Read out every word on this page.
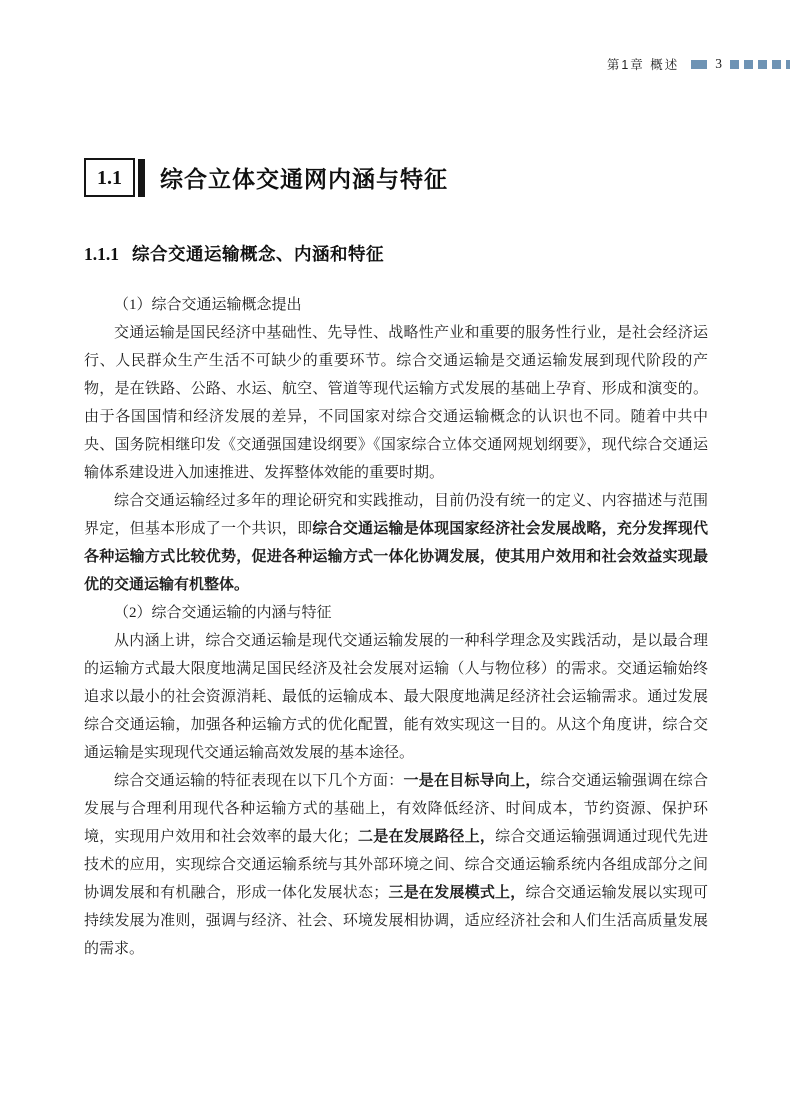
第1章 概述	3
1.1	综合立体交通网内涵与特征
1.1.1 综合交通运输概念、内涵和特征

（1）综合交通运输概念提出

交通运输是国民经济中基础性、先导性、战略性产业和重要的服务性行业，是社会经济运行、人民群众生产生活不可缺少的重要环节。综合交通运输是交通运输发展到现代阶段的产物，是在铁路、公路、水运、航空、管道等现代运输方式发展的基础上孕育、形成和演变的。由于各国国情和经济发展的差异，不同国家对综合交通运输概念的认识也不同。随着中共中央、国务院相继印发《交通强国建设纲要》《国家综合立体交通网规划纲要》，现代综合交通运输体系建设进入加速推进、发挥整体效能的重要时期。

综合交通运输经过多年的理论研究和实践推动，目前仍没有统一的定义、内容描述与范围界定，但基本形成了一个共识，即综合交通运输是体现国家经济社会发展战略，充分发挥现代各种运输方式比较优势，促进各种运输方式一体化协调发展，使其用户效用和社会效益实现最优的交通运输有机整体。

（2）综合交通运输的内涵与特征

从内涵上讲，综合交通运输是现代交通运输发展的一种科学理念及实践活动，是以最合理的运输方式最大限度地满足国民经济及社会发展对运输（人与物位移）的需求。交通运输始终追求以最小的社会资源消耗、最低的运输成本、最大限度地满足经济社会运输需求。通过发展综合交通运输，加强各种运输方式的优化配置，能有效实现这一目的。从这个角度讲，综合交通运输是实现现代交通运输高效发展的基本途径。

综合交通运输的特征表现在以下几个方面：一是在目标导向上，综合交通运输强调在综合发展与合理利用现代各种运输方式的基础上，有效降低经济、时间成本，节约资源、保护环境，实现用户效用和社会效率的最大化；二是在发展路径上，综合交通运输强调通过现代先进技术的应用，实现综合交通运输系统与其外部环境之间、综合交通运输系统内各组成部分之间协调发展和有机融合，形成一体化发展状态；三是在发展模式上，综合交通运输发展以实现可持续发展为准则，强调与经济、社会、环境发展相协调，适应经济社会和人们生活高质量发展的需求。
